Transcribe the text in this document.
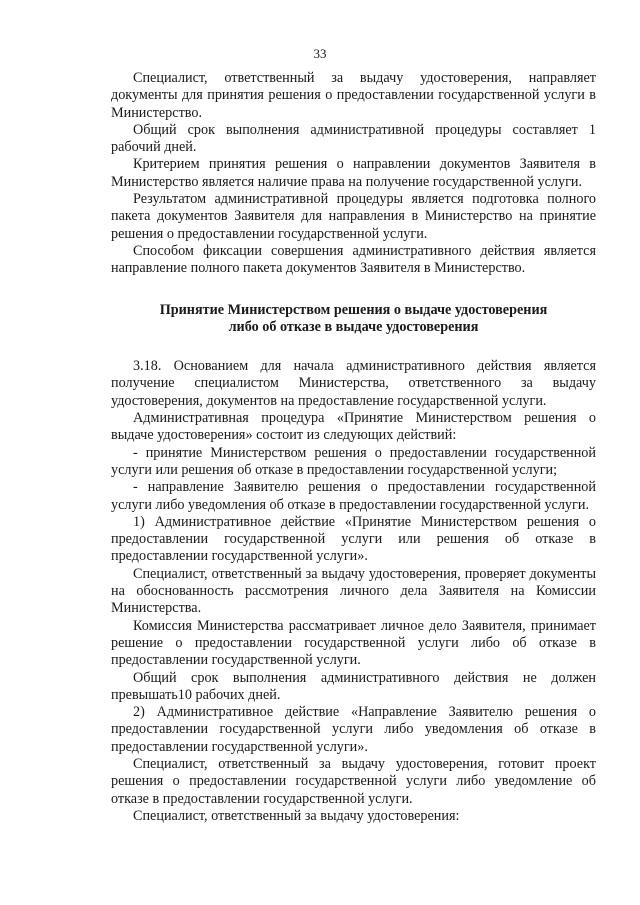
33

Специалист, ответственный за выдачу удостоверения, направляет документы для принятия решения о предоставлении государственной услуги в Министерство.

Общий срок выполнения административной процедуры составляет 1 рабочий дней.

Критерием принятия решения о направлении документов Заявителя в Министерство является наличие права на получение государственной услуги.

Результатом административной процедуры является подготовка полного пакета документов Заявителя для направления в Министерство на принятие решения о предоставлении государственной услуги.

Способом фиксации совершения административного действия является направление полного пакета документов Заявителя в Министерство.

Принятие Министерством решения о выдаче удостоверения
либо об отказе в выдаче удостоверения

3.18. Основанием для начала административного действия является получение специалистом Министерства, ответственного за выдачу удостоверения, документов на предоставление государственной услуги.

Административная процедура «Принятие Министерством решения о выдаче удостоверения» состоит из следующих действий:

- принятие Министерством решения о предоставлении государственной услуги или решения об отказе в предоставлении государственной услуги;

- направление Заявителю решения о предоставлении государственной услуги либо уведомления об отказе в предоставлении государственной услуги.

1) Административное действие «Принятие Министерством решения о предоставлении государственной услуги или решения об отказе в предоставлении государственной услуги».

Специалист, ответственный за выдачу удостоверения, проверяет документы на обоснованность рассмотрения личного дела Заявителя на Комиссии Министерства.

Комиссия Министерства рассматривает личное дело Заявителя, принимает решение о предоставлении государственной услуги либо об отказе в предоставлении государственной услуги.

Общий срок выполнения административного действия не должен превышать10 рабочих дней.

2) Административное действие «Направление Заявителю решения о предоставлении государственной услуги либо уведомления об отказе в предоставлении государственной услуги».

Специалист, ответственный за выдачу удостоверения, готовит проект решения о предоставлении государственной услуги либо уведомление об отказе в предоставлении государственной услуги.

Специалист, ответственный за выдачу удостоверения:
